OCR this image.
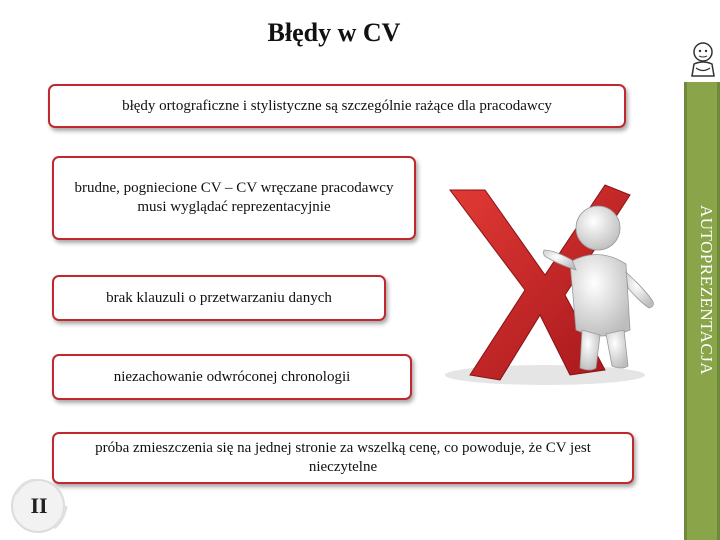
Błędy w CV
AUTOPREZENTACJA
błędy ortograficzne i stylistyczne są szczególnie rażące dla pracodawcy
brudne, pogniecione CV – CV wręczane pracodawcy musi wyglądać reprezentacyjnie
brak klauzuli o przetwarzaniu danych
niezachowanie odwróconej chronologii
próba zmieszczenia się na jednej stronie za wszelką cenę, co powoduje, że CV jest nieczytelne
II
